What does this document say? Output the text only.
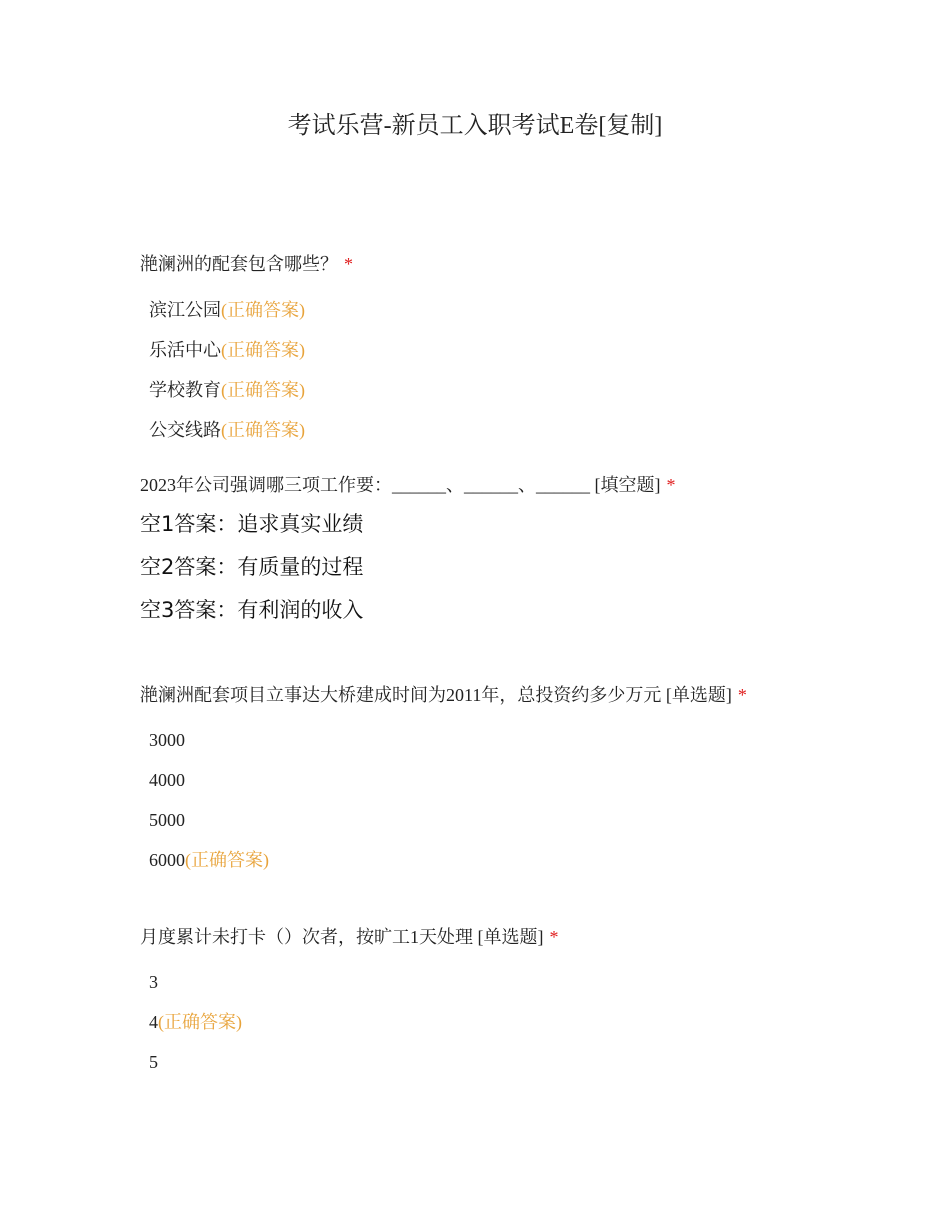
考试乐营-新员工入职考试E卷[复制]
滟澜洲的配套包含哪些？ *
滨江公园(正确答案)
乐活中心(正确答案)
学校教育(正确答案)
公交线路(正确答案)
2023年公司强调哪三项工作要：______、______、______ [填空题] *
空1答案：追求真实业绩
空2答案：有质量的过程
空3答案：有利润的收入
滟澜洲配套项目立事达大桥建成时间为2011年，总投资约多少万元 [单选题] *
3000
4000
5000
6000(正确答案)
月度累计未打卡（）次者，按旷工1天处理 [单选题] *
3
4(正确答案)
5
